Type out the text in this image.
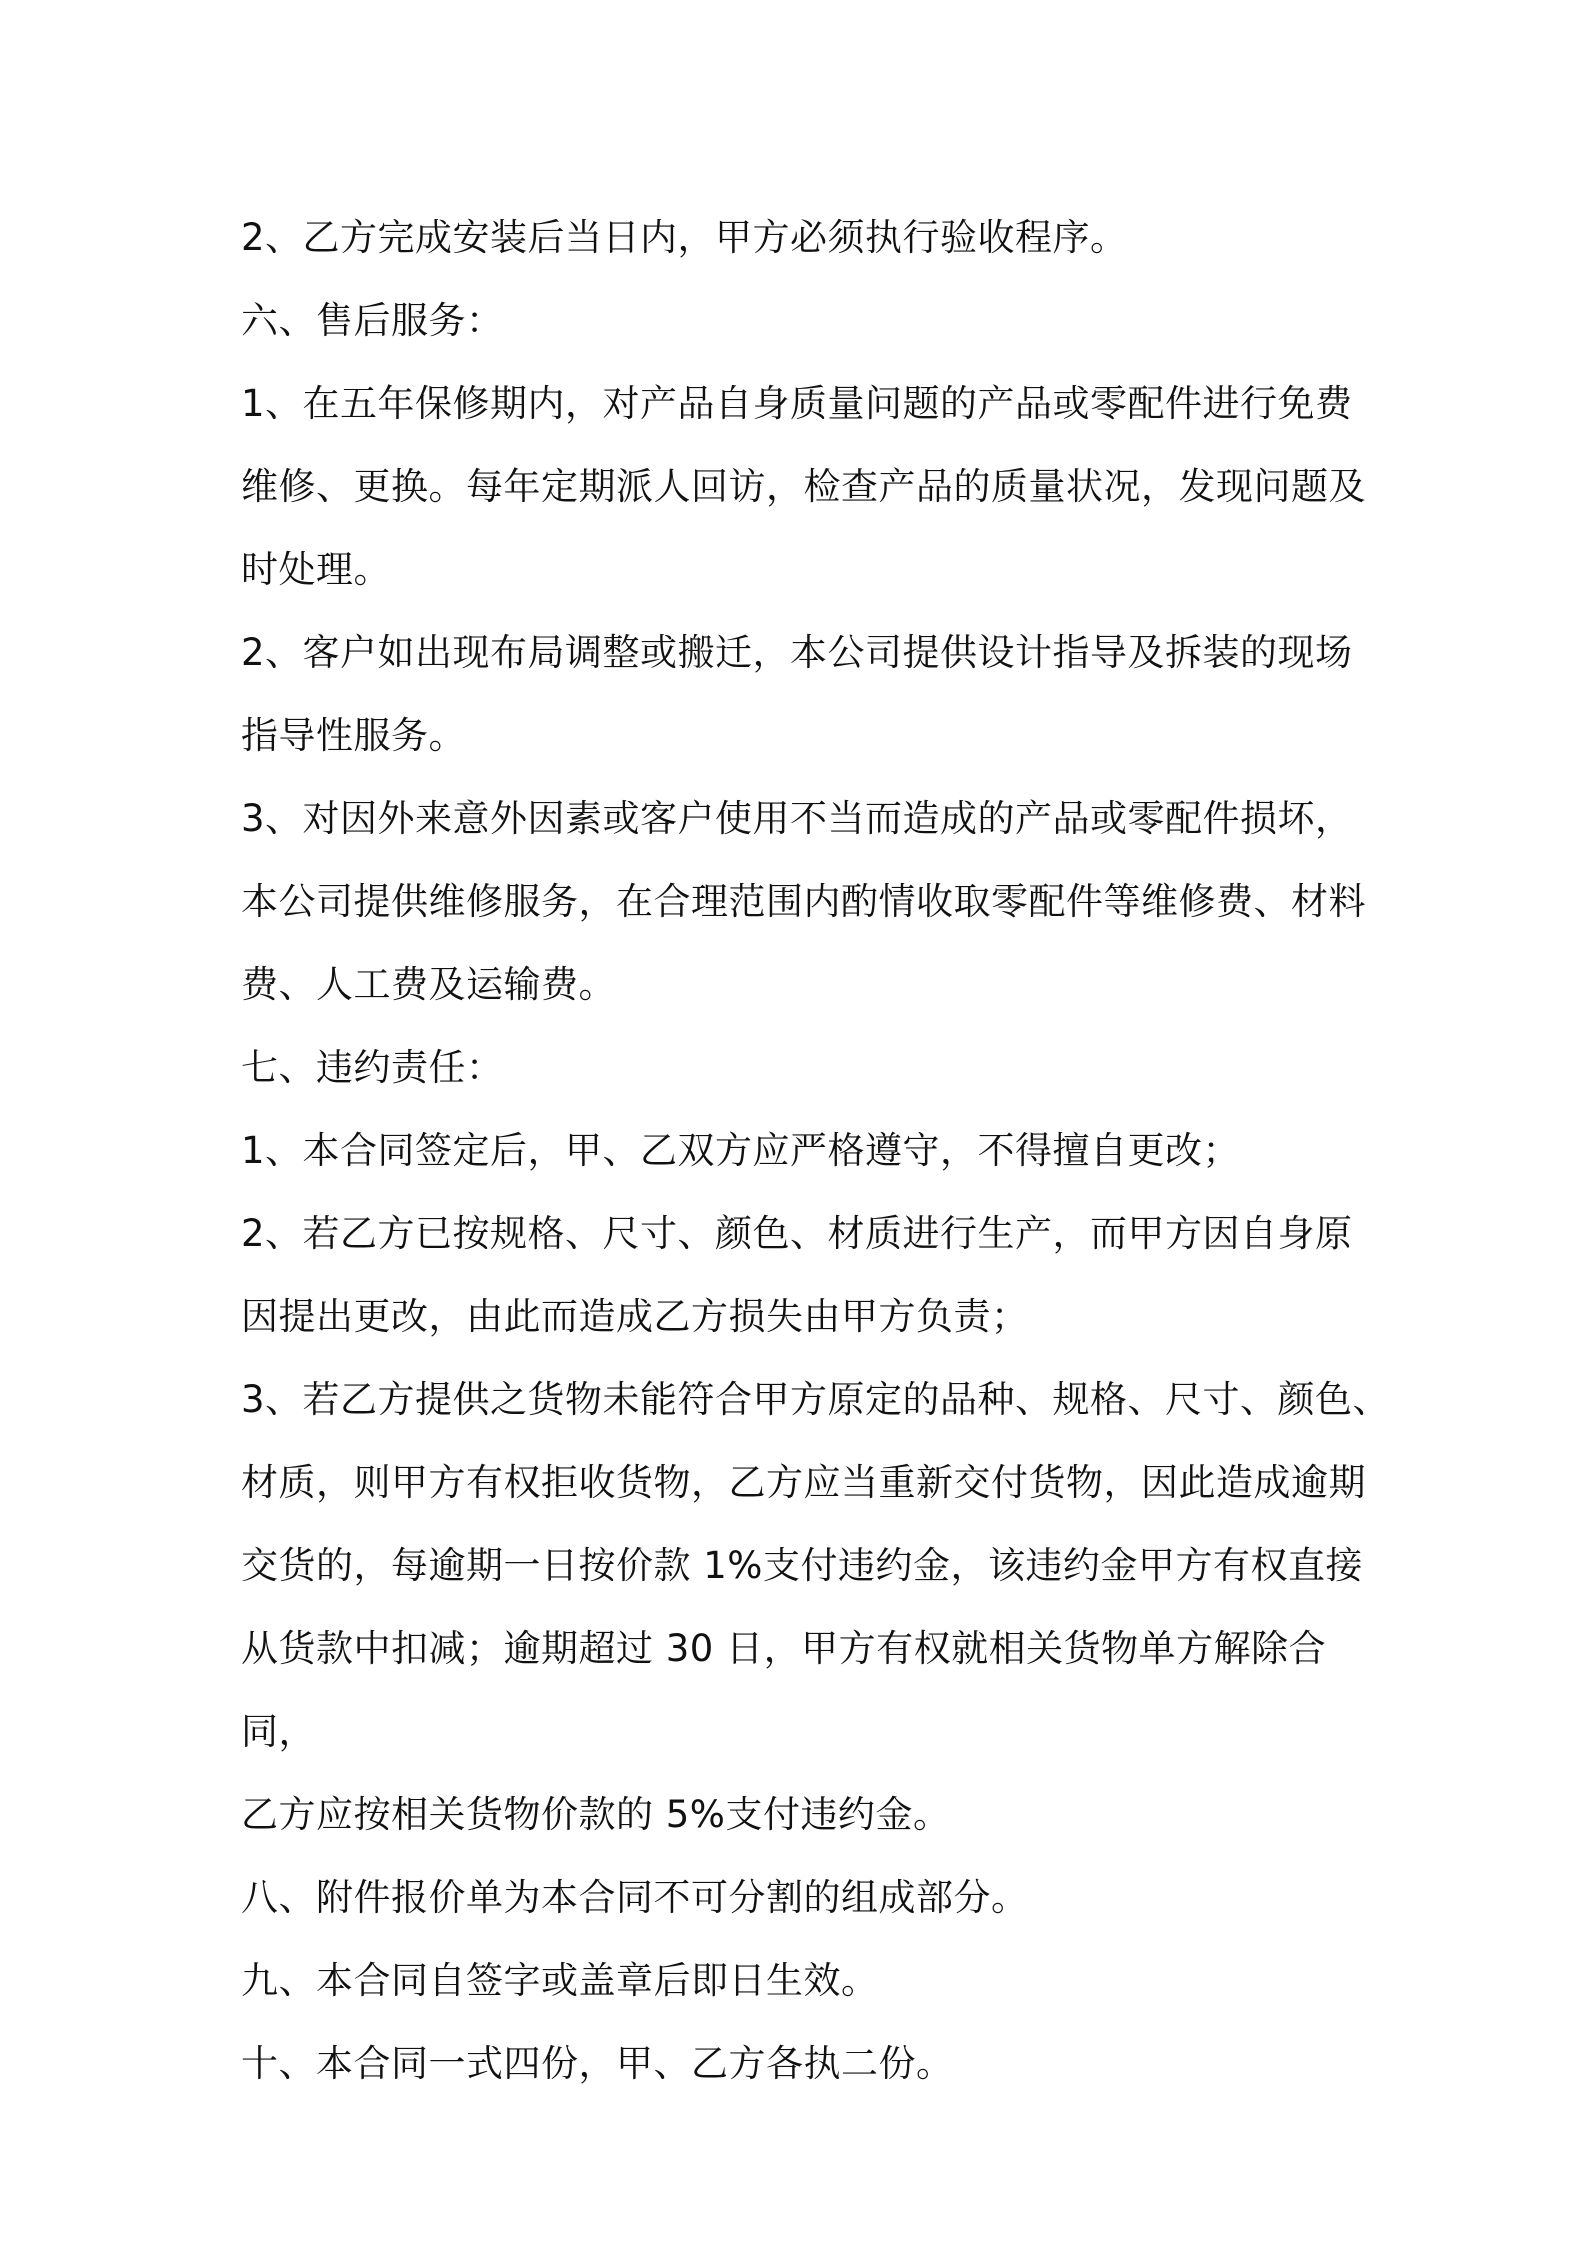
2、乙方完成安装后当日内，甲方必须执行验收程序。

六、售后服务：

1、在五年保修期内，对产品自身质量问题的产品或零配件进行免费
维修、更换。每年定期派人回访，检查产品的质量状况，发现问题及
时处理。

2、客户如出现布局调整或搬迁，本公司提供设计指导及拆装的现场
指导性服务。

3、对因外来意外因素或客户使用不当而造成的产品或零配件损坏，
本公司提供维修服务，在合理范围内酌情收取零配件等维修费、材料
费、人工费及运输费。

七、违约责任：

1、本合同签定后，甲、乙双方应严格遵守，不得擅自更改；

2、若乙方已按规格、尺寸、颜色、材质进行生产，而甲方因自身原
因提出更改，由此而造成乙方损失由甲方负责；

3、若乙方提供之货物未能符合甲方原定的品种、规格、尺寸、颜色、
材质，则甲方有权拒收货物，乙方应当重新交付货物，因此造成逾期
交货的，每逾期一日按价款 1%支付违约金，该违约金甲方有权直接
从货款中扣减；逾期超过 30 日，甲方有权就相关货物单方解除合同，
乙方应按相关货物价款的 5%支付违约金。

八、附件报价单为本合同不可分割的组成部分。

九、本合同自签字或盖章后即日生效。

十、本合同一式四份，甲、乙方各执二份。
